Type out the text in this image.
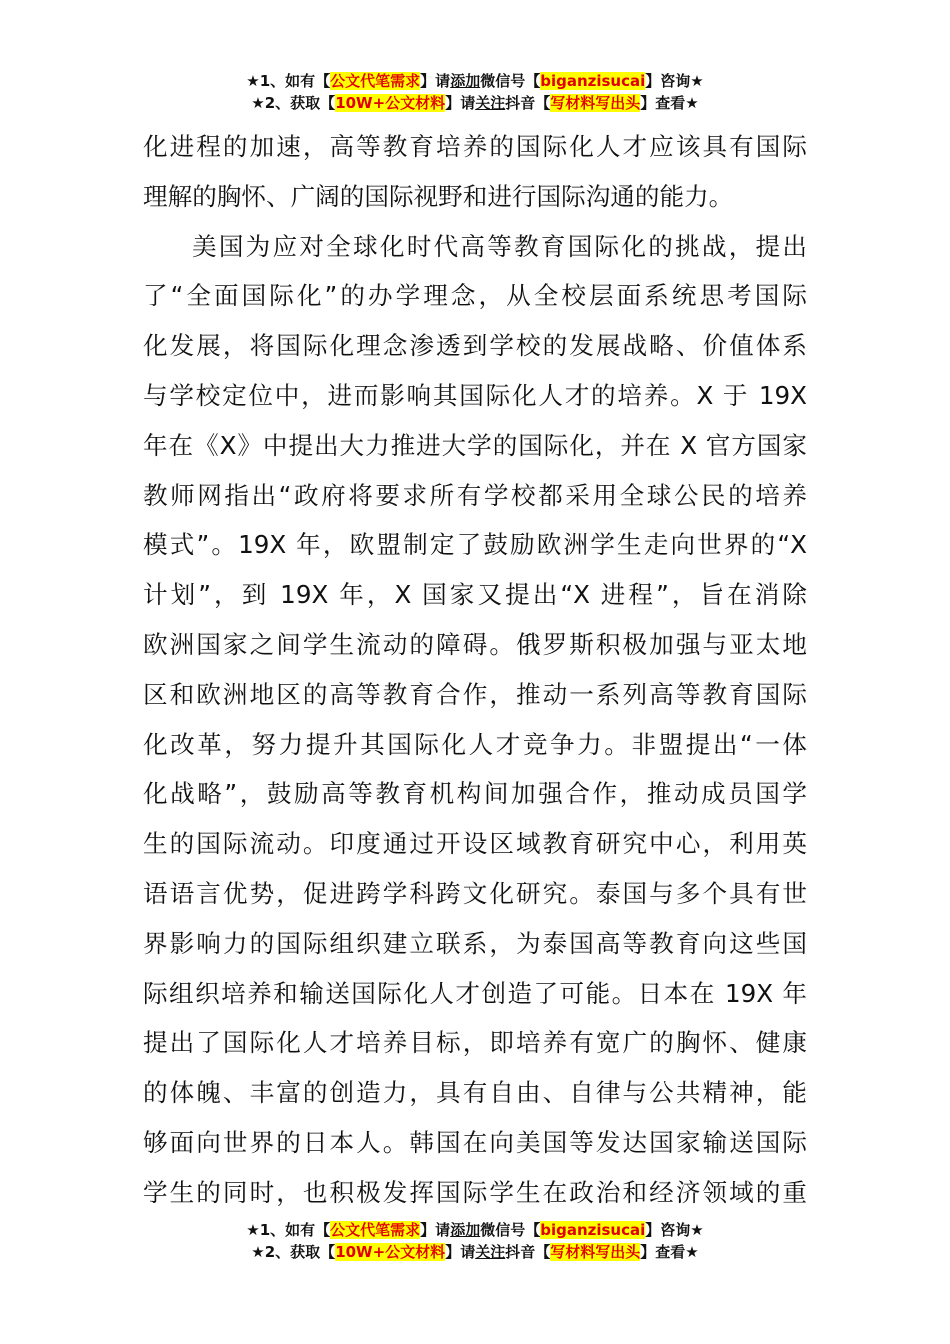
★1、如有【公文代笔需求】请添加微信号【biganzisucai】咨询★
★2、获取【10W+公文材料】请关注抖音【写材料写出头】查看★
化进程的加速，高等教育培养的国际化人才应该具有国际
理解的胸怀、广阔的国际视野和进行国际沟通的能力。
美国为应对全球化时代高等教育国际化的挑战，提出
了“全面国际化”的办学理念，从全校层面系统思考国际
化发展，将国际化理念渗透到学校的发展战略、价值体系
与学校定位中，进而影响其国际化人才的培养。X 于 19X
年在《X》中提出大力推进大学的国际化，并在 X 官方国家
教师网指出“政府将要求所有学校都采用全球公民的培养
模式”。19X 年，欧盟制定了鼓励欧洲学生走向世界的“X
计划”，到 19X 年，X 国家又提出“X 进程”，旨在消除
欧洲国家之间学生流动的障碍。俄罗斯积极加强与亚太地
区和欧洲地区的高等教育合作，推动一系列高等教育国际
化改革，努力提升其国际化人才竞争力。非盟提出“一体
化战略”，鼓励高等教育机构间加强合作，推动成员国学
生的国际流动。印度通过开设区域教育研究中心，利用英
语语言优势，促进跨学科跨文化研究。泰国与多个具有世
界影响力的国际组织建立联系，为泰国高等教育向这些国
际组织培养和输送国际化人才创造了可能。日本在 19X 年
提出了国际化人才培养目标，即培养有宽广的胸怀、健康
的体魄、丰富的创造力，具有自由、自律与公共精神，能
够面向世界的日本人。韩国在向美国等发达国家输送国际
学生的同时，也积极发挥国际学生在政治和经济领域的重
★1、如有【公文代笔需求】请添加微信号【biganzisucai】咨询★
★2、获取【10W+公文材料】请关注抖音【写材料写出头】查看★
